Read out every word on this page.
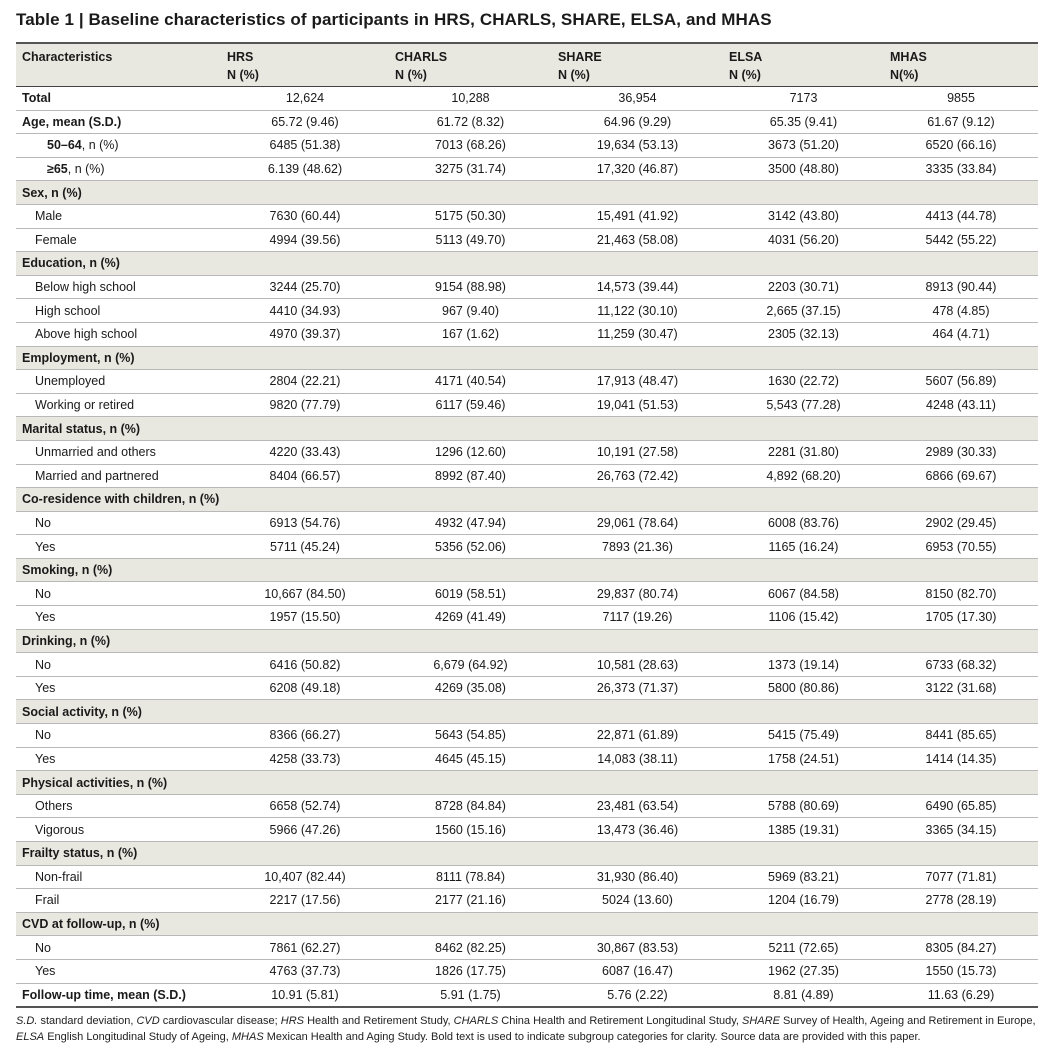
Table 1 | Baseline characteristics of participants in HRS, CHARLS, SHARE, ELSA, and MHAS
Characteristics	HRS	CHARLS	SHARE	ELSA	MHAS
	N (%)	N (%)	N (%)	N (%)	N(%)
Total	12,624	10,288	36,954	7173	9855
Age, mean (S.D.)	65.72 (9.46)	61.72 (8.32)	64.96 (9.29)	65.35 (9.41)	61.67 (9.12)
50–64, n (%)	6485 (51.38)	7013 (68.26)	19,634 (53.13)	3673 (51.20)	6520 (66.16)
≥65, n (%)	6.139 (48.62)	3275 (31.74)	17,320 (46.87)	3500 (48.80)	3335 (33.84)
Sex, n (%)					
Male	7630 (60.44)	5175 (50.30)	15,491 (41.92)	3142 (43.80)	4413 (44.78)
Female	4994 (39.56)	5113 (49.70)	21,463 (58.08)	4031 (56.20)	5442 (55.22)
Education, n (%)					
Below high school	3244 (25.70)	9154 (88.98)	14,573 (39.44)	2203 (30.71)	8913 (90.44)
High school	4410 (34.93)	967 (9.40)	11,122 (30.10)	2,665 (37.15)	478 (4.85)
Above high school	4970 (39.37)	167 (1.62)	11,259 (30.47)	2305 (32.13)	464 (4.71)
Employment, n (%)					
Unemployed	2804 (22.21)	4171 (40.54)	17,913 (48.47)	1630 (22.72)	5607 (56.89)
Working or retired	9820 (77.79)	6117 (59.46)	19,041 (51.53)	5,543 (77.28)	4248 (43.11)
Marital status, n (%)					
Unmarried and others	4220 (33.43)	1296 (12.60)	10,191 (27.58)	2281 (31.80)	2989 (30.33)
Married and partnered	8404 (66.57)	8992 (87.40)	26,763 (72.42)	4,892 (68.20)	6866 (69.67)
Co-residence with children, n (%)					
No	6913 (54.76)	4932 (47.94)	29,061 (78.64)	6008 (83.76)	2902 (29.45)
Yes	5711 (45.24)	5356 (52.06)	7893 (21.36)	1165 (16.24)	6953 (70.55)
Smoking, n (%)					
No	10,667 (84.50)	6019 (58.51)	29,837 (80.74)	6067 (84.58)	8150 (82.70)
Yes	1957 (15.50)	4269 (41.49)	7117 (19.26)	1106 (15.42)	1705 (17.30)
Drinking, n (%)					
No	6416 (50.82)	6,679 (64.92)	10,581 (28.63)	1373 (19.14)	6733 (68.32)
Yes	6208 (49.18)	4269 (35.08)	26,373 (71.37)	5800 (80.86)	3122 (31.68)
Social activity, n (%)					
No	8366 (66.27)	5643 (54.85)	22,871 (61.89)	5415 (75.49)	8441 (85.65)
Yes	4258 (33.73)	4645 (45.15)	14,083 (38.11)	1758 (24.51)	1414 (14.35)
Physical activities, n (%)					
Others	6658 (52.74)	8728 (84.84)	23,481 (63.54)	5788 (80.69)	6490 (65.85)
Vigorous	5966 (47.26)	1560 (15.16)	13,473 (36.46)	1385 (19.31)	3365 (34.15)
Frailty status, n (%)					
Non-frail	10,407 (82.44)	8111 (78.84)	31,930 (86.40)	5969 (83.21)	7077 (71.81)
Frail	2217 (17.56)	2177 (21.16)	5024 (13.60)	1204 (16.79)	2778 (28.19)
CVD at follow-up, n (%)					
No	7861 (62.27)	8462 (82.25)	30,867 (83.53)	5211 (72.65)	8305 (84.27)
Yes	4763 (37.73)	1826 (17.75)	6087 (16.47)	1962 (27.35)	1550 (15.73)
Follow-up time, mean (S.D.)	10.91 (5.81)	5.91 (1.75)	5.76 (2.22)	8.81 (4.89)	11.63 (6.29)
S.D. standard deviation, CVD cardiovascular disease; HRS Health and Retirement Study, CHARLS China Health and Retirement Longitudinal Study, SHARE Survey of Health, Ageing and Retirement in Europe, ELSA English Longitudinal Study of Ageing, MHAS Mexican Health and Aging Study. Bold text is used to indicate subgroup categories for clarity. Source data are provided with this paper.
